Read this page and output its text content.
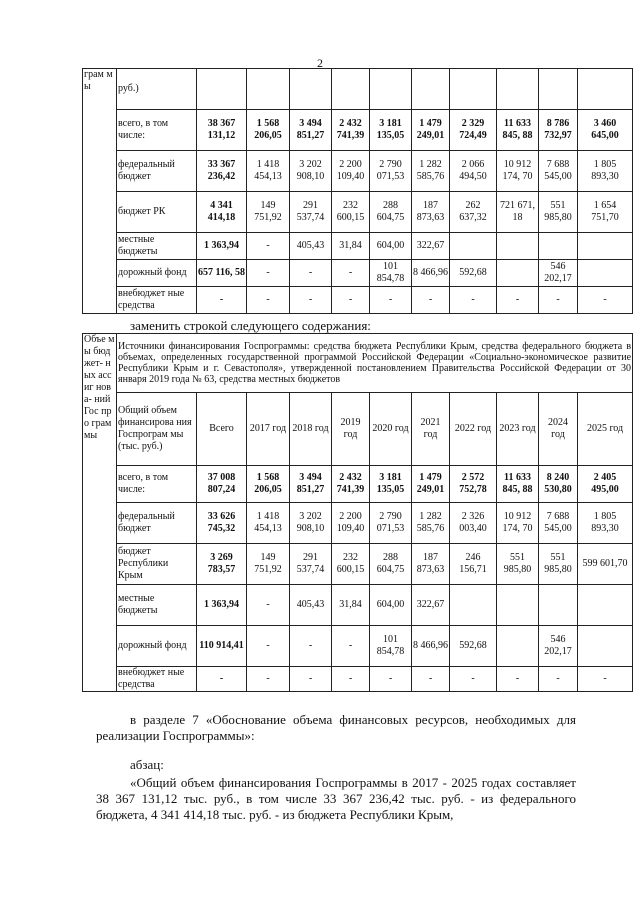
2
грам мы	руб.)										
	всего, в том числе:	38 367 131,12	1 568 206,05	3 494 851,27	2 432 741,39	3 181 135,05	1 479 249,01	2 329 724,49	11 633 845, 88	8 786 732,97	3 460 645,00
	федеральный бюджет	33 367 236,42	1 418 454,13	3 202 908,10	2 200 109,40	2 790 071,53	1 282 585,76	2 066 494,50	10 912 174, 70	7 688 545,00	1 805 893,30
	бюджет РК	4 341 414,18	149 751,92	291 537,74	232 600,15	288 604,75	187 873,63	262 637,32	721 671, 18	551 985,80	1 654 751,70
	местные бюджеты	1 363,94	-	405,43	31,84	604,00	322,67				
	дорожный фонд	657 116, 58	-	-	-	101 854,78	8 466,96	592,68		546 202,17	
	внебюджет ные средства	-	-	-	-	-	-	-	-	-	-
заменить строкой следующего содержания:
Объе мы бюд жет- ных ассиг нова- ний Гос про грам мы	Источники финансирования Госпрограммы: средства бюджета Республики Крым, средства федерального бюджета в объемах, определенных государственной программой Российской Федерации «Социально-экономическое развитие Республики Крым и г. Севастополя», утвержденной постановлением Правительства Российской Федерации от 30 января 2019 года № 63, средства местных бюджетов										
	Общий объем финансирова ния Госпрограм мы (тыс. руб.)	Всего	2017 год	2018 год	2019 год	2020 год	2021 год	2022 год	2023 год	2024 год	2025 год
	всего, в том числе:	37 008 807,24	1 568 206,05	3 494 851,27	2 432 741,39	3 181 135,05	1 479 249,01	2 572 752,78	11 633 845, 88	8 240 530,80	2 405 495,00
	федеральный бюджет	33 626 745,32	1 418 454,13	3 202 908,10	2 200 109,40	2 790 071,53	1 282 585,76	2 326 003,40	10 912 174, 70	7 688 545,00	1 805 893,30
	бюджет Республики Крым	3 269 783,57	149 751,92	291 537,74	232 600,15	288 604,75	187 873,63	246 156,71	551 985,80	551 985,80	599 601,70
	местные бюджеты	1 363,94	-	405,43	31,84	604,00	322,67				
	дорожный фонд	110 914,41	-	-	-	101 854,78	8 466,96	592,68		546 202,17	
	внебюджет ные средства	-	-	-	-	-	-	-	-	-	-
в разделе 7 «Обоснование объема финансовых ресурсов, необходимых для реализации Госпрограммы»:
абзац:
«Общий объем финансирования Госпрограммы в 2017 - 2025 годах составляет 38 367 131,12 тыс. руб., в том числе 33 367 236,42 тыс. руб. - из федерального бюджета, 4 341 414,18 тыс. руб. - из бюджета Республики Крым,
